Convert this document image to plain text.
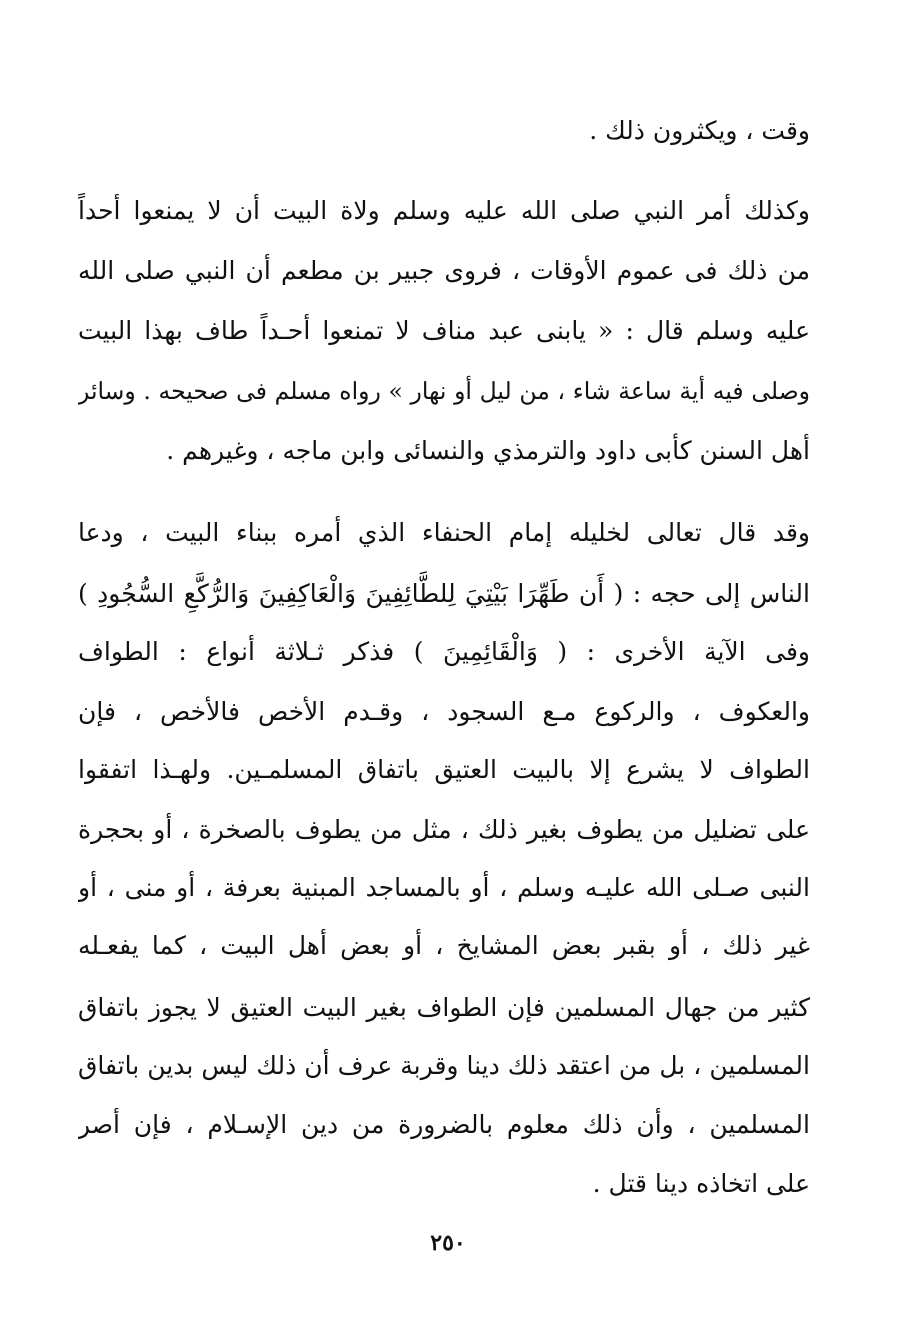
وقت ، ويكثرون ذلك .
وكذلك أمر النبي صلى الله عليه وسلم ولاة البيت أن لا يمنعوا أحداً
من ذلك فى عموم الأوقات ، فروى جبير بن مطعم أن النبي صلى الله
عليه وسلم قال : « يابنى عبد مناف لا تمنعوا أحـداً طاف بهذا البيت
وصلى فيه أية ساعة شاء ، من ليل أو نهار » رواه مسلم فى صحيحه . وسائر
أهل السنن كأبى داود والترمذي والنسائى وابن ماجه ، وغيرهم .
وقد قال تعالى لخليله إمام الحنفاء الذي أمره ببناء البيت ، ودعا
الناس إلى حجه : ( أَن طَهِّرَا بَيْتِيَ لِلطَّائِفِينَ وَالْعَاكِفِينَ وَالرُّكَّعِ السُّجُودِ )
وفى الآية الأخرى : ( وَالْقَائِمِينَ ) فذكر ثـلاثة أنواع : الطواف
والعكوف ، والركوع مـع السجود ، وقـدم الأخص فالأخص ، فإن
الطواف لا يشرع إلا بالبيت العتيق باتفاق المسلمـين. ولهـذا اتفقوا
على تضليل من يطوف بغير ذلك ، مثل من يطوف بالصخرة ، أو بحجرة
النبى صـلى الله عليـه وسلم ، أو بالمساجد المبنية بعرفة ، أو منى ، أو
غير ذلك ، أو بقبر بعض المشايخ ، أو بعض أهل البيت ، كما يفعـله
كثير من جهال المسلمين فإن الطواف بغير البيت العتيق لا يجوز باتفاق
المسلمين ، بل من اعتقد ذلك دينا وقربة عرف أن ذلك ليس بدين باتفاق
المسلمين ، وأن ذلك معلوم بالضرورة من دين الإسـلام ، فإن أصر
على اتخاذه دينا قتل .
٢٥٠
